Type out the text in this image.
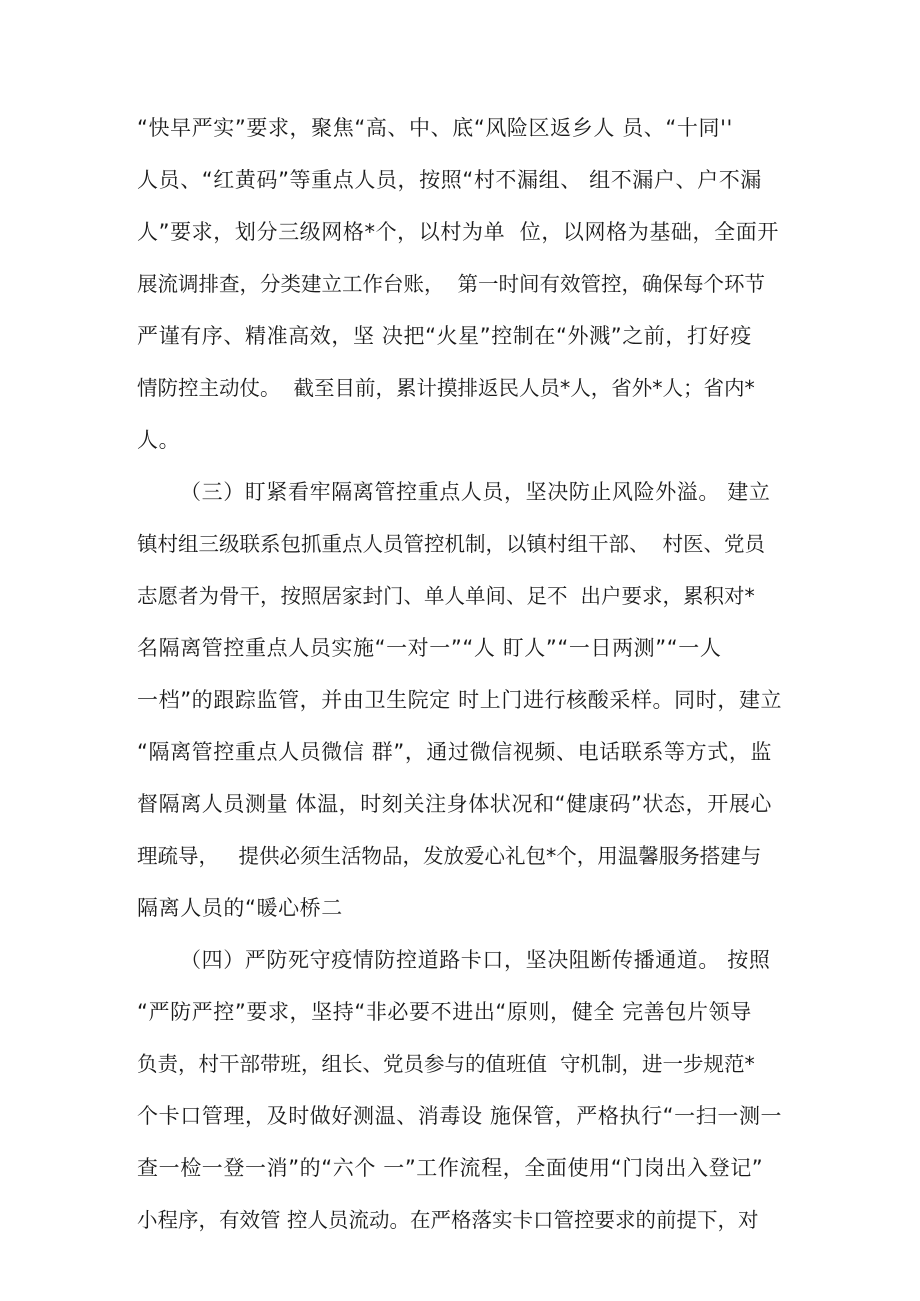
“快早严实”要求，聚焦“高、中、底“风险区返乡人 员、“十同''
人员、“红黄码”等重点人员，按照“村不漏组、 组不漏户、户不漏
人”要求，划分三级网格*个，以村为单  位，以网格为基础，全面开
展流调排查，分类建立工作台账，  第一时间有效管控，确保每个环节
严谨有序、精准高效，坚 决把“火星”控制在“外溅”之前，打好疫
情防控主动仗。  截至目前，累计摸排返民人员*人，省外*人；省内*
人。
（三）盯紧看牢隔离管控重点人员，坚决防止风险外溢。 建立
镇村组三级联系包抓重点人员管控机制，以镇村组干部、  村医、党员
志愿者为骨干，按照居家封门、单人单间、足不  出户要求，累积对*
名隔离管控重点人员实施“一对一”“人 盯人”“一日两测”“一人
一档”的跟踪监管，并由卫生院定 时上门进行核酸采样。同时，建立
“隔离管控重点人员微信 群”，通过微信视频、电话联系等方式，监
督隔离人员测量 体温，时刻关注身体状况和“健康码”状态，开展心
理疏导，   提供必须生活物品，发放爱心礼包*个，用温馨服务搭建与
隔离人员的“暖心桥二
（四）严防死守疫情防控道路卡口，坚决阻断传播通道。 按照
“严防严控”要求，坚持“非必要不进出“原则，健全 完善包片领导
负责，村干部带班，组长、党员参与的值班值  守机制，进一步规范*
个卡口管理，及时做好测温、消毒设 施保管，严格执行“一扫一测一
查一检一登一消”的“六个 一”工作流程，全面使用“门岗出入登记”
小程序，有效管 控人员流动。在严格落实卡口管控要求的前提下，对
